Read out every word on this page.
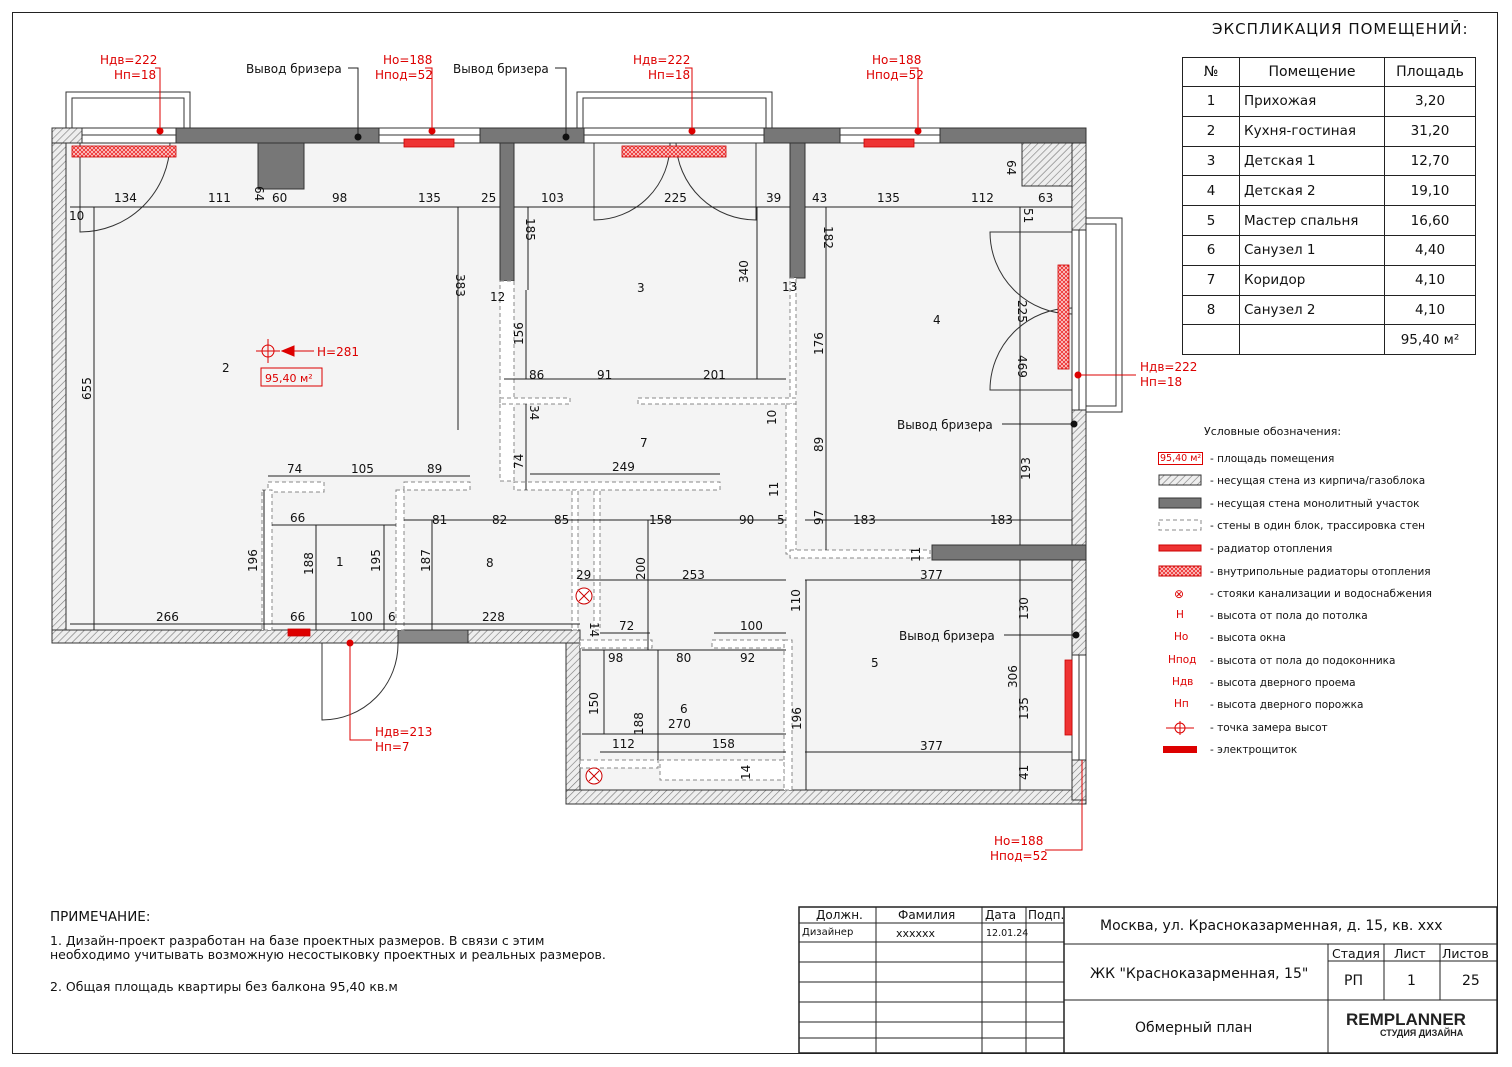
Вывод бризера	Вывод бризера
Вывод бризера
Вывод бризера
Hдв=222
Hп=18
Hо=188
Hпод=52
Hдв=222
Hп=18
Hо=188
Hпод=52
Hдв=222
Hп=18
Hдв=213
Hп=7
Hо=188
Hпод=52
H=281
95,40 м²
1
2
3
4
5
6
7
8
134	111	60	98	135	25	103	225	39	43	135	112	63
10
86	91	201
249
74	105	89
66	81	82	85	158	90 5	183	183
29	253	377
266	66	100 6	228
72	100
98	80	92
270
112	158	377
12
13
655
64
64
51
185	182
383
340
156	176
225
469
34	10
89
193
74
11
97
196	188	195	187	11
200
14
110	130
306
150
188	196	135
14	41
ЭКСПЛИКАЦИЯ ПОМЕЩЕНИЙ:
№	Помещение	Площадь
1	Прихожая	3,20
2	Кухня-гостиная	31,20
3	Детская 1	12,70
4	Детская 2	19,10
5	Мастер спальня	16,60
6	Санузел 1	4,40
7	Коридор	4,10
8	Санузел 2	4,10
		95,40 м²
Условные обозначения:
95,40 м² - площадь помещения
- несущая стена из кирпича/газоблока
- несущая стена монолитный участок
- стены в один блок, трассировка стен
- радиатор отопления
- внутрипольные радиаторы отопления
⊗	- стояки канализации и водоснабжения
H	- высота от пола до потолка
Hо	- высота окна
Hпод	- высота от пола до подоконника
Hдв	- высота дверного проема
Hп	- высота дверного порожка
- точка замера высот
- электрощиток
ПРИМЕЧАНИЕ:
1. Дизайн-проект разработан на базе проектных размеров. В связи с этим необходимо учитывать возможную несостыковку проектных и реальных размеров.
2. Общая площадь квартиры без балкона 95,40 кв.м
Должн.	Фамилия Дата Подп.
Дизайнер	хххххх	12.01.24	Москва, ул. Красноказарменная, д. 15, кв. ххх
ЖК "Красноказарменная, 15"
Обмерный план
Стадия Лист Листов
РП	1	25
REMPLANNER
СТУДИЯ ДИЗАЙНА
